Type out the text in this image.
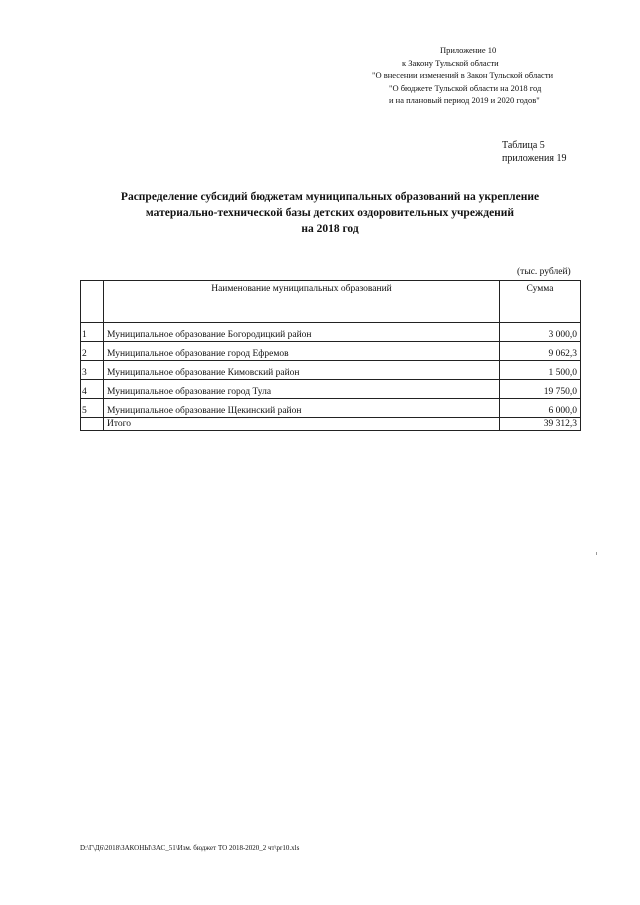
Приложение 10
к Закону Тульской области
"О внесении изменений в Закон Тульской области
"О бюджете Тульской области на 2018 год
и на плановый период 2019 и 2020 годов"
Таблица 5
приложения 19
Распределение субсидий бюджетам муниципальных образований на укрепление
материально-технической базы детских оздоровительных учреждений
на 2018 год
(тыс. рублей)
	Наименование муниципальных образований	Сумма
1	Муниципальное образование Богородицкий район	3 000,0
2	Муниципальное образование город Ефремов	9 062,3
3	Муниципальное образование Кимовский район	1 500,0
4	Муниципальное образование город Тула	19 750,0
5	Муниципальное образование Щекинский район	6 000,0
	Итого	39 312,3
D:\Г\Д6\2018\ЗАКОНЫ\ЗАС_51\Изм. бюджет ТО 2018-2020_2 чт\pr10.xls
